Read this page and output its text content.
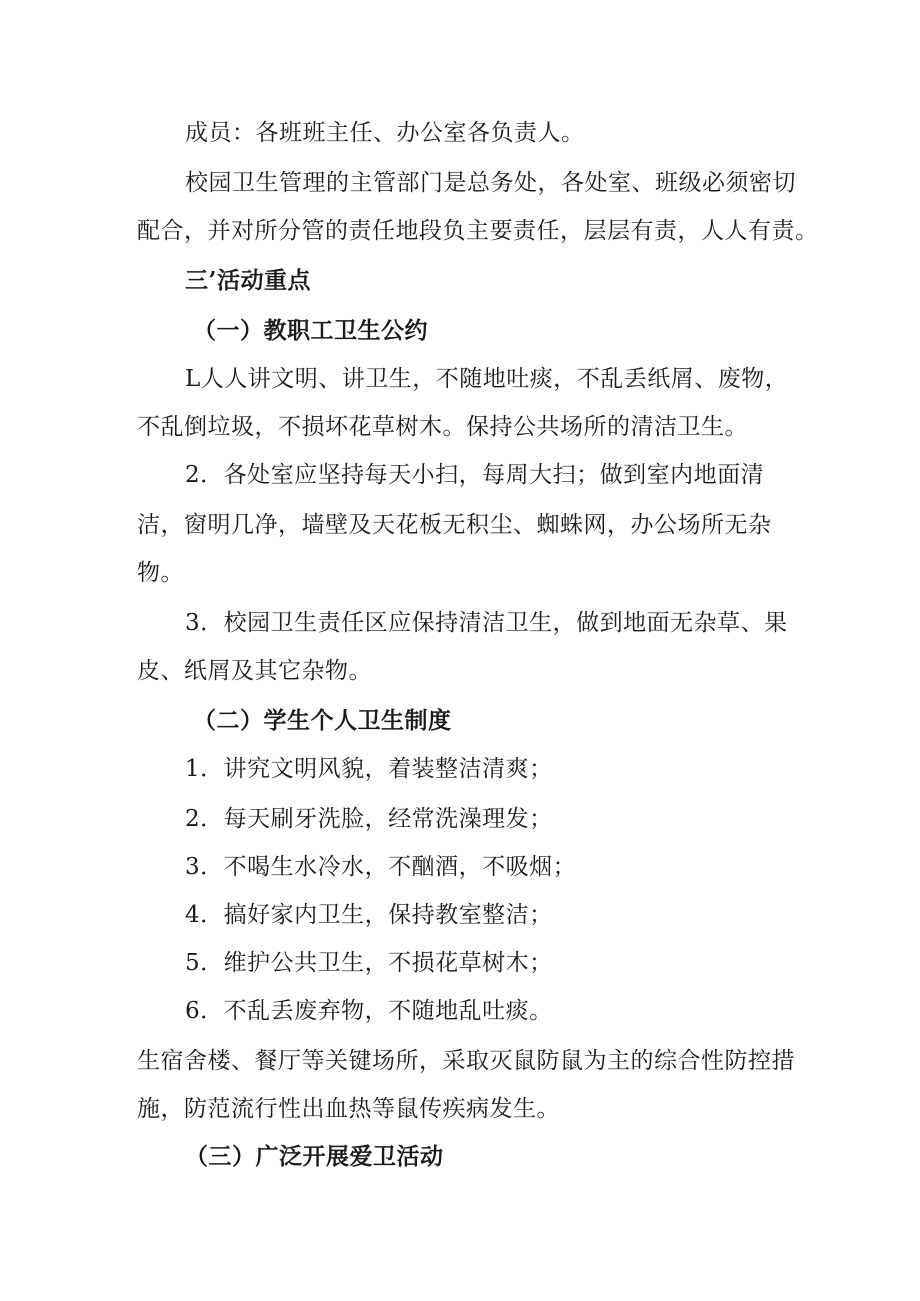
成员：各班班主任、办公室各负责人。
校园卫生管理的主管部门是总务处，各处室、班级必须密切
配合，并对所分管的责任地段负主要责任，层层有责，人人有责。
三’活动重点
（一）教职工卫生公约
L人人讲文明、讲卫生，不随地吐痰，不乱丢纸屑、废物，
不乱倒垃圾，不损坏花草树木。保持公共场所的清洁卫生。
2．各处室应坚持每天小扫，每周大扫；做到室内地面清
洁，窗明几净，墙壁及天花板无积尘、蜘蛛网，办公场所无杂
物。
3．校园卫生责任区应保持清洁卫生，做到地面无杂草、果
皮、纸屑及其它杂物。
（二）学生个人卫生制度
1．讲究文明风貌，着装整洁清爽；
2．每天刷牙洗脸，经常洗澡理发；
3．不喝生水冷水，不酗酒，不吸烟；
4．搞好家内卫生，保持教室整洁；
5．维护公共卫生，不损花草树木；
6．不乱丢废弃物，不随地乱吐痰。
生宿舍楼、餐厅等关键场所，采取灭鼠防鼠为主的综合性防控措
施，防范流行性出血热等鼠传疾病发生。
（三）广泛开展爱卫活动
